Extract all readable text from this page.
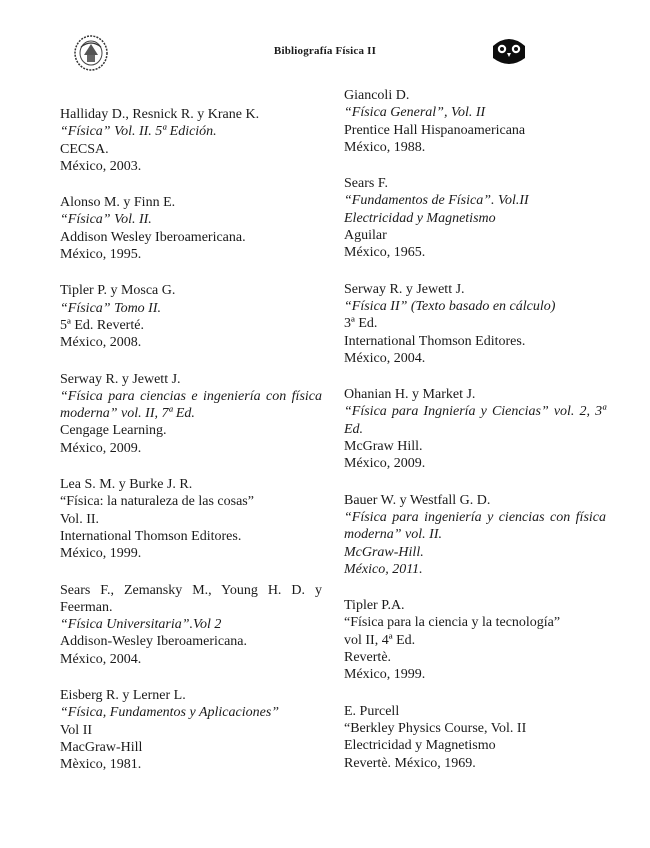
Bibliografía Física II
Halliday D., Resnick R. y Krane K.
“Física” Vol. II. 5ª Edición.
CECSA.
México, 2003.
Alonso M. y Finn E.
“Física” Vol. II.
Addison Wesley Iberoamericana.
México, 1995.
Tipler P. y Mosca G.
“Física” Tomo II.
5ª Ed. Reverté.
México, 2008.
Serway R. y Jewett J.
“Física para ciencias e ingeniería con física moderna” vol. II, 7ª Ed.
Cengage Learning.
México, 2009.
Lea S. M. y Burke J. R.
“Física: la naturaleza de las cosas”
Vol. II.
International Thomson Editores.
México, 1999.
Sears F., Zemansky M., Young H. D. y Feerman.
“Física Universitaria”.Vol 2
Addison-Wesley Iberoamericana.
México, 2004.
Eisberg R. y Lerner L.
“Física, Fundamentos y Aplicaciones”
Vol II
MacGraw-Hill
Mèxico, 1981.
Giancoli D.
“Física General”, Vol. II
Prentice Hall Hispanoamericana
México, 1988.
Sears F.
“Fundamentos de Física”. Vol.II
Electricidad y Magnetismo
Aguilar
México, 1965.
Serway R. y Jewett J.
“Física II” (Texto basado en cálculo)
3ª Ed.
International Thomson Editores.
México, 2004.
Ohanian H. y Market J.
“Física para Ingniería y Ciencias” vol. 2, 3ª Ed.
McGraw Hill.
México, 2009.
Bauer W. y Westfall G. D.
“Física para ingeniería y ciencias con física moderna” vol. II.
McGraw-Hill.
México, 2011.
Tipler P.A.
“Física para la ciencia y la tecnología”
vol II, 4ª Ed.
Revertè.
México, 1999.
E. Purcell
“Berkley Physics Course, Vol. II
Electricidad y Magnetismo
Revertè. México, 1969.
